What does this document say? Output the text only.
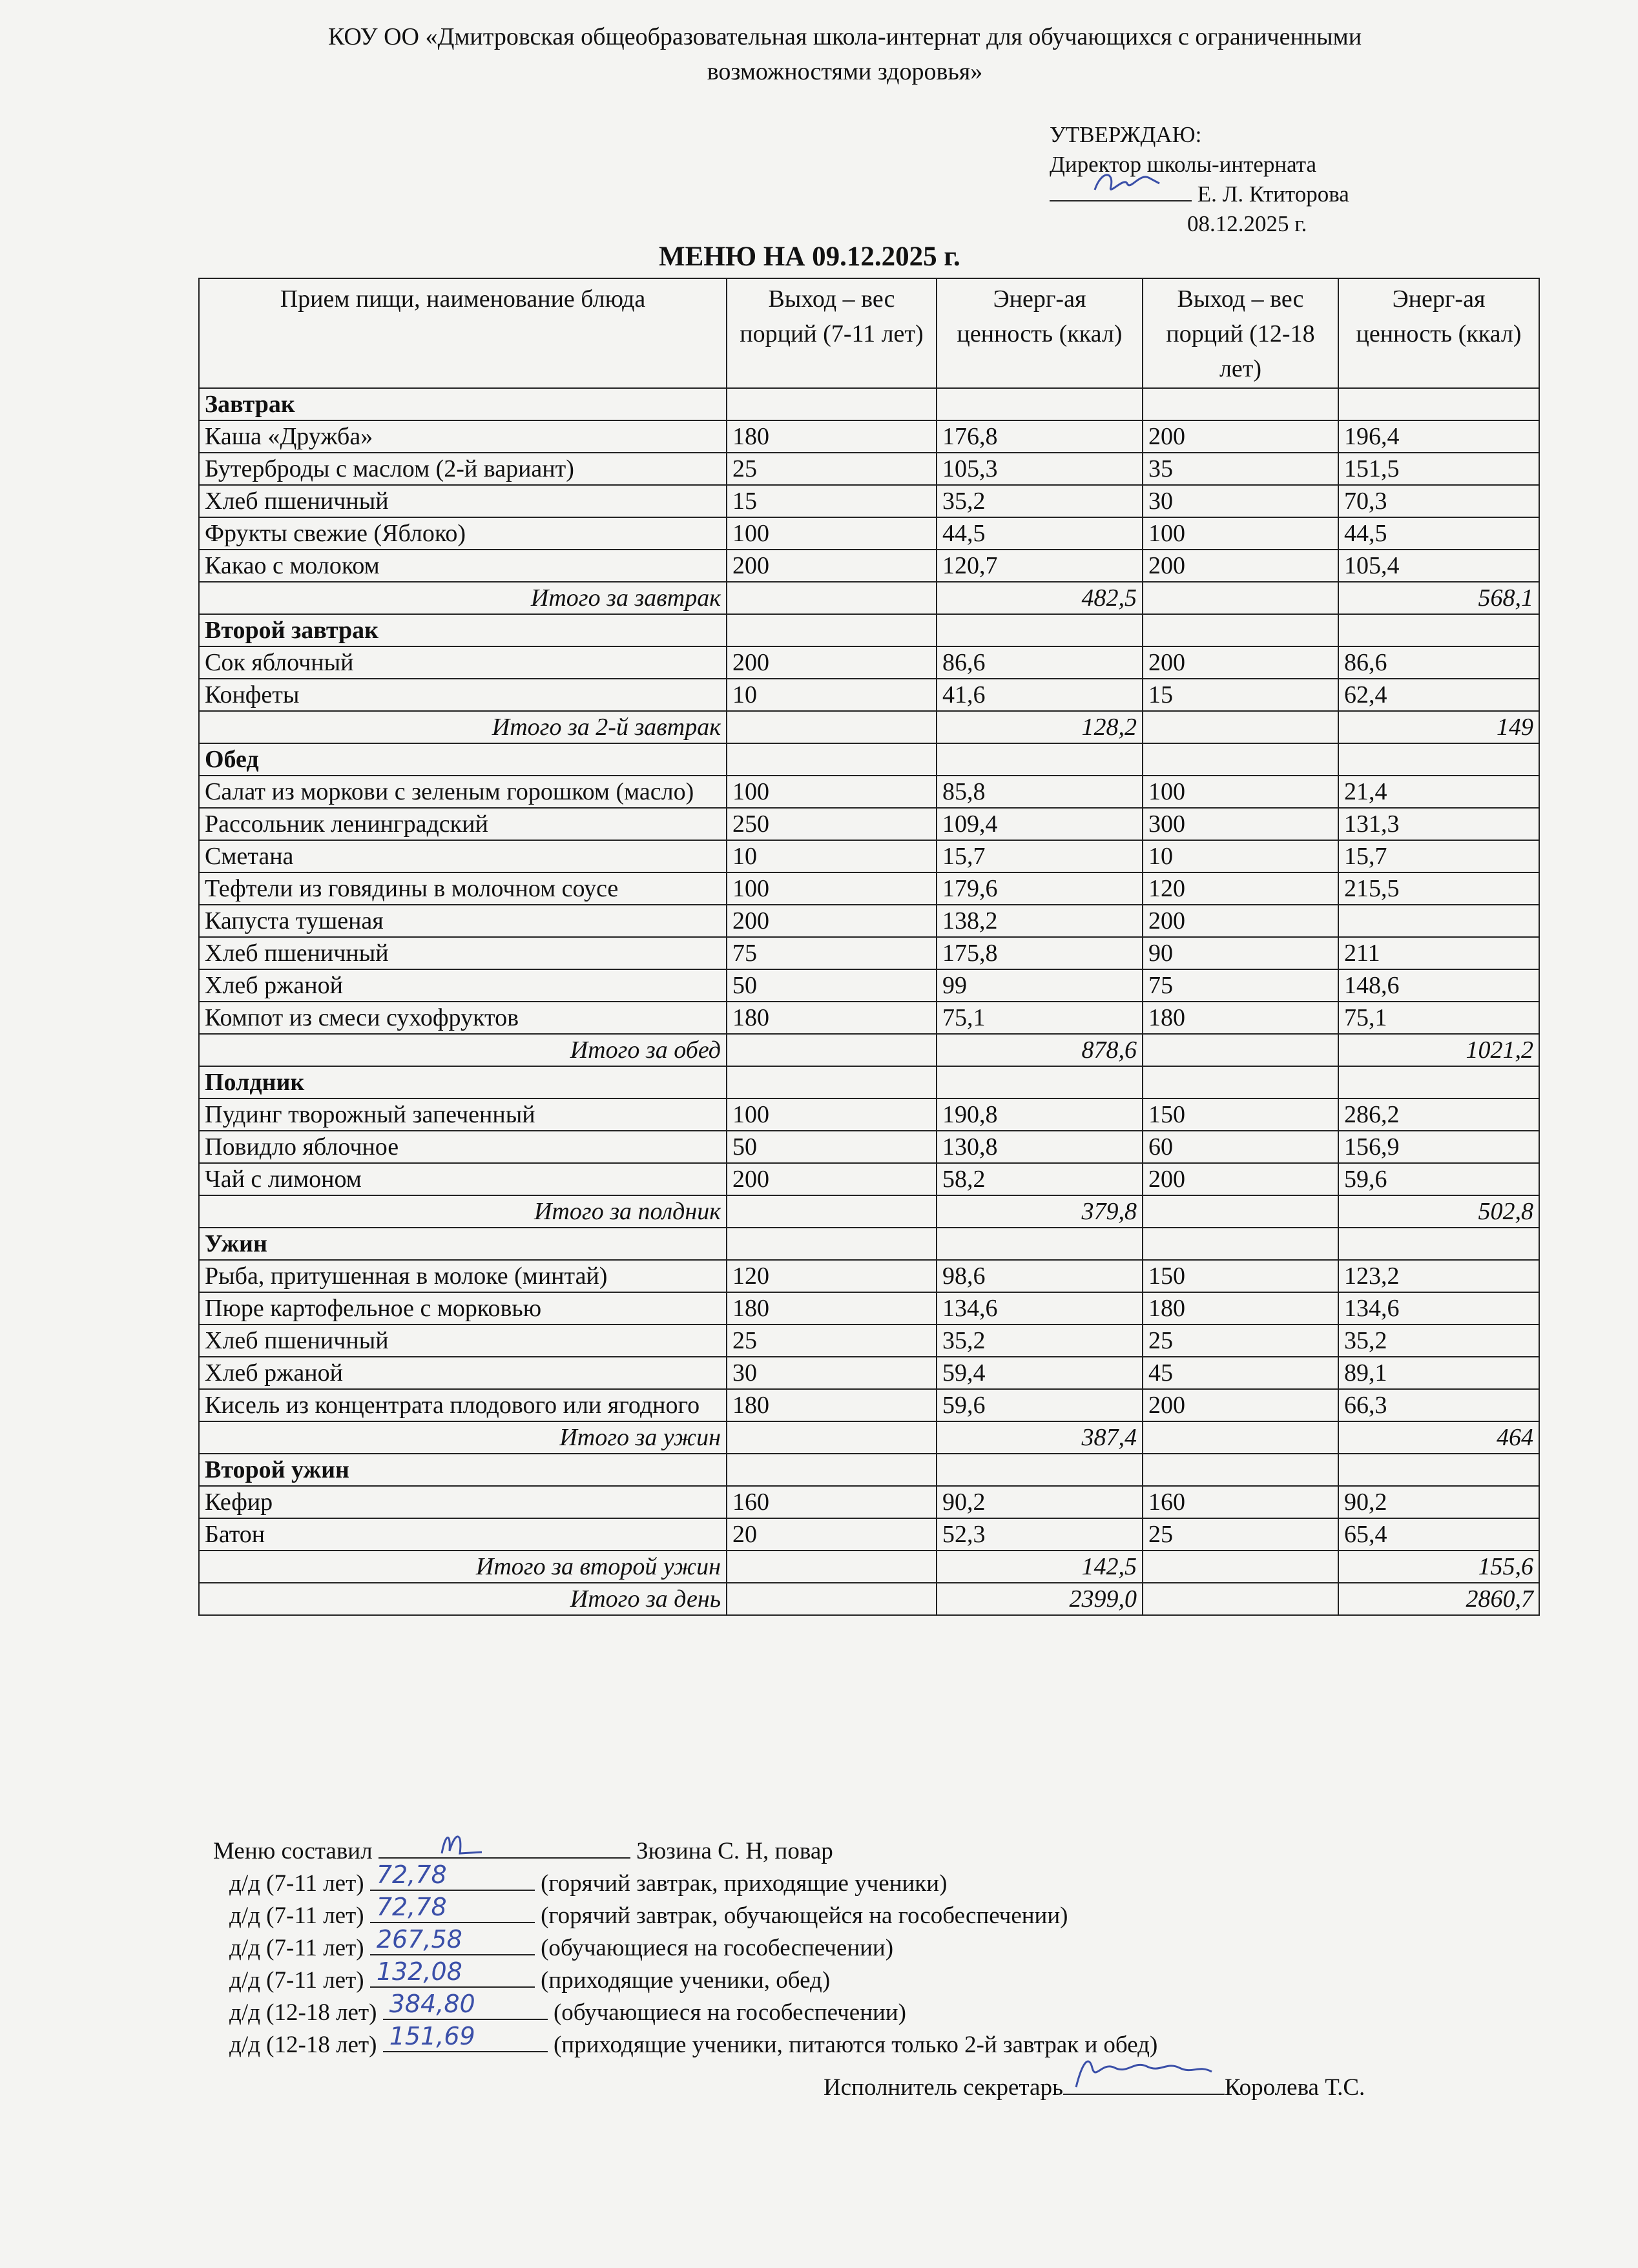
КОУ ОО «Дмитровская общеобразовательная школа-интернат для обучающихся с ограниченными
возможностями здоровья»
УТВЕРЖДАЮ:
Директор школы-интерната
Е. Л. Ктиторова
08.12.2025 г.
МЕНЮ НА 09.12.2025 г.
Прием пищи, наименование блюда	Выход – вес порций (7-11 лет)	Энерг-ая ценность (ккал)	Выход – вес порций (12-18 лет)	Энерг-ая ценность (ккал)
Завтрак				
Каша «Дружба»	180	176,8	200	196,4
Бутерброды с маслом (2-й вариант)	25	105,3	35	151,5
Хлеб пшеничный	15	35,2	30	70,3
Фрукты свежие (Яблоко)	100	44,5	100	44,5
Какао с молоком	200	120,7	200	105,4
Итого за завтрак		482,5		568,1
Второй завтрак				
Сок яблочный	200	86,6	200	86,6
Конфеты	10	41,6	15	62,4
Итого за 2-й завтрак		128,2		149
Обед				
Салат из моркови с зеленым горошком (масло)	100	85,8	100	21,4
Рассольник ленинградский	250	109,4	300	131,3
Сметана	10	15,7	10	15,7
Тефтели из говядины в молочном соусе	100	179,6	120	215,5
Капуста тушеная	200	138,2	200	
Хлеб пшеничный	75	175,8	90	211
Хлеб ржаной	50	99	75	148,6
Компот из смеси сухофруктов	180	75,1	180	75,1
Итого за обед		878,6		1021,2
Полдник				
Пудинг творожный запеченный	100	190,8	150	286,2
Повидло яблочное	50	130,8	60	156,9
Чай с лимоном	200	58,2	200	59,6
Итого за полдник		379,8		502,8
Ужин				
Рыба, притушенная в молоке (минтай)	120	98,6	150	123,2
Пюре картофельное с морковью	180	134,6	180	134,6
Хлеб пшеничный	25	35,2	25	35,2
Хлеб ржаной	30	59,4	45	89,1
Кисель из концентрата плодового или ягодного	180	59,6	200	66,3
Итого за ужин		387,4		464
Второй ужин				
Кефир	160	90,2	160	90,2
Батон	20	52,3	25	65,4
Итого за второй ужин		142,5		155,6
Итого за день		2399,0		2860,7
Меню составил	Зюзина С. Н, повар
д/д (7-11 лет) 72,78	(горячий завтрак, приходящие ученики)
д/д (7-11 лет) 72,78	(горячий завтрак, обучающейся на гособеспечении)
д/д (7-11 лет) 267,58	(обучающиеся на гособеспечении)
д/д (7-11 лет) 132,08	(приходящие ученики, обед)
д/д (12-18 лет) 384,80	(обучающиеся на гособеспечении)
д/д (12-18 лет) 151,69	(приходящие ученики, питаются только 2-й завтрак и обед)
Исполнитель секретарь	Королева Т.С.
